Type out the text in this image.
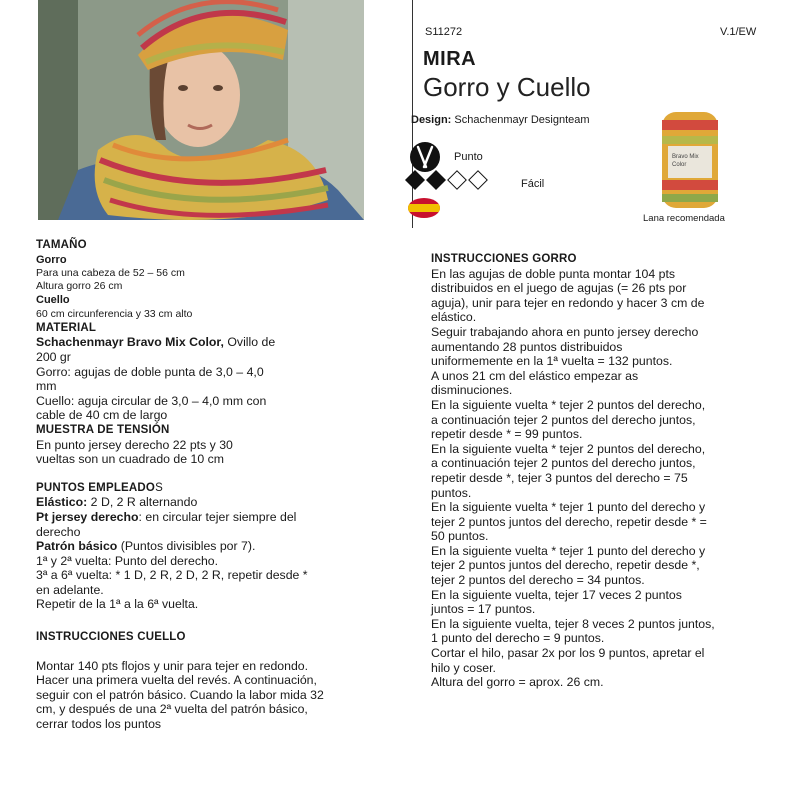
S11272	V.1/EW
MIRA
Gorro y Cuello
Design: Schachenmayr Designteam
Punto
Fácil
Bravo Mix
Color
Lana recomendada

TAMAÑO

Gorro

Para una cabeza de 52 – 56 cm

Altura gorro 26 cm

Cuello

60 cm circunferencia y 33 cm alto

MATERIAL

Schachenmayr Bravo Mix Color, Ovillo de

200 gr

Gorro: agujas de doble punta de 3,0 – 4,0

mm

Cuello: aguja circular de 3,0 – 4,0 mm con

cable de 40 cm de largo

MUESTRA DE TENSIÓN

En punto jersey derecho 22 pts y 30

vueltas son un cuadrado de 10 cm

PUNTOS EMPLEADOS

Elástico: 2 D, 2 R alternando

Pt jersey derecho: en circular tejer siempre del

derecho

Patrón básico (Puntos divisibles por 7).

1ª y 2ª vuelta: Punto del derecho.

3ª a 6ª vuelta: * 1 D, 2 R, 2 D, 2 R, repetir desde *

en adelante.

Repetir de la 1ª a la 6ª vuelta.

INSTRUCCIONES CUELLO

Montar 140 pts flojos y unir para tejer en redondo.

Hacer una primera vuelta del revés. A continuación,

seguir con el patrón básico. Cuando la labor mida 32

cm, y después de una 2ª vuelta del patrón básico,

cerrar todos los puntos

INSTRUCCIONES GORRO

En las agujas de doble punta montar 104 pts

distribuidos en el juego de agujas (= 26 pts por

aguja), unir para tejer en redondo y hacer 3 cm de

elástico.

Seguir trabajando ahora en punto jersey derecho

aumentando 28 puntos distribuidos

uniformemente en la 1ª vuelta = 132 puntos.

A unos 21 cm del elástico empezar as

disminuciones.

En la siguiente vuelta * tejer 2 puntos del derecho,

a continuación tejer 2 puntos del derecho juntos,

repetir desde * = 99 puntos.

En la siguiente vuelta * tejer 2 puntos del derecho,

a continuación tejer 2 puntos del derecho juntos,

repetir desde *, tejer 3 puntos del derecho = 75

puntos.

En la siguiente vuelta * tejer 1 punto del derecho y

tejer 2 puntos juntos del derecho, repetir desde * =

50 puntos.

En la siguiente vuelta * tejer 1 punto del derecho y

tejer 2 puntos juntos del derecho, repetir desde *,

tejer 2 puntos del derecho = 34 puntos.

En la siguiente vuelta, tejer 17 veces 2 puntos

juntos = 17 puntos.

En la siguiente vuelta, tejer 8 veces 2 puntos juntos,

1 punto del derecho = 9 puntos.

Cortar el hilo, pasar 2x por los 9 puntos, apretar el

hilo y coser.

Altura del gorro = aprox. 26 cm.
